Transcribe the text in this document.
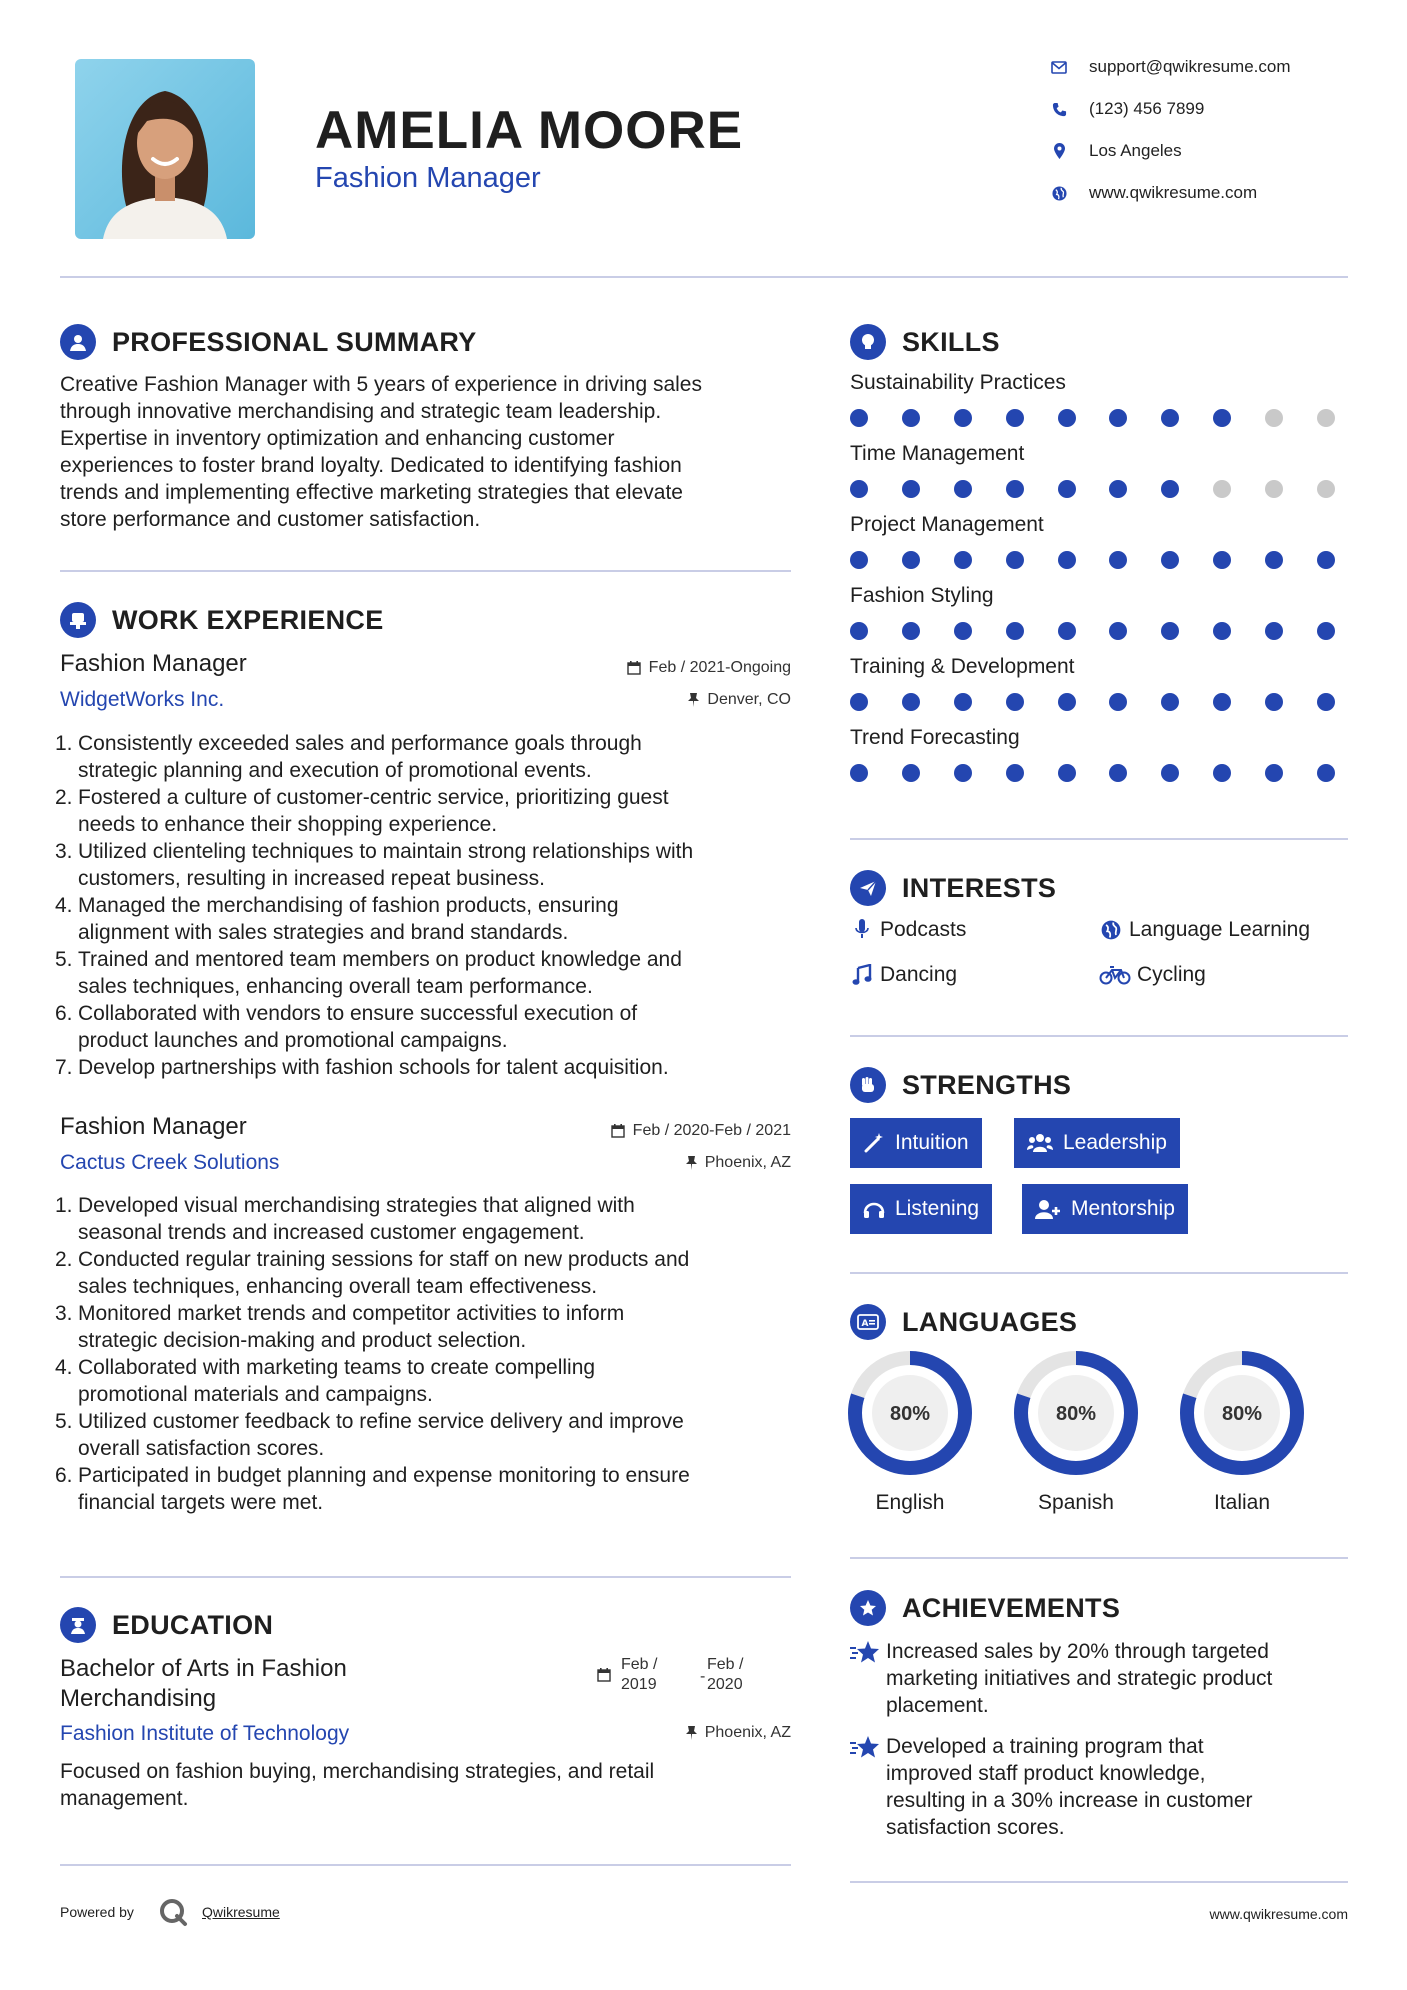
AMELIA MOORE
Fashion Manager
support@qwikresume.com
(123) 456 7899
Los Angeles
www.qwikresume.com
PROFESSIONAL SUMMARY
Creative Fashion Manager with 5 years of experience in driving sales
through innovative merchandising and strategic team leadership.
Expertise in inventory optimization and enhancing customer
experiences to foster brand loyalty. Dedicated to identifying fashion
trends and implementing effective marketing strategies that elevate
store performance and customer satisfaction.
WORK EXPERIENCE
Fashion Manager
WidgetWorks Inc.
Feb / 2021-Ongoing
Denver, CO
1. Consistently exceeded sales and performance goals through
strategic planning and execution of promotional events.
2. Fostered a culture of customer-centric service, prioritizing guest
needs to enhance their shopping experience.
3. Utilized clienteling techniques to maintain strong relationships with
customers, resulting in increased repeat business.
4. Managed the merchandising of fashion products, ensuring
alignment with sales strategies and brand standards.
5. Trained and mentored team members on product knowledge and
sales techniques, enhancing overall team performance.
6. Collaborated with vendors to ensure successful execution of
product launches and promotional campaigns.
7. Develop partnerships with fashion schools for talent acquisition.
Fashion Manager
Cactus Creek Solutions
Feb / 2020-Feb / 2021
Phoenix, AZ
1. Developed visual merchandising strategies that aligned with
seasonal trends and increased customer engagement.
2. Conducted regular training sessions for staff on new products and
sales techniques, enhancing overall team effectiveness.
3. Monitored market trends and competitor activities to inform
strategic decision-making and product selection.
4. Collaborated with marketing teams to create compelling
promotional materials and campaigns.
5. Utilized customer feedback to refine service delivery and improve
overall satisfaction scores.
6. Participated in budget planning and expense monitoring to ensure
financial targets were met.
EDUCATION
Bachelor of Arts in Fashion
Merchandising
Fashion Institute of Technology
Feb /
2019	-
Feb /
2020
Phoenix, AZ
Focused on fashion buying, merchandising strategies, and retail
management.
Powered by	Qwikresume	www.qwikresume.com
SKILLS
Sustainability Practices
Time Management
Project Management
Fashion Styling
Training & Development
Trend Forecasting
INTERESTS
Podcasts	Language Learning
Dancing	Cycling
STRENGTHS
Intuition	Leadership
Listening	Mentorship
A LANGUAGES
80%
English
80%
Spanish
80%
Italian
ACHIEVEMENTS
Increased sales by 20% through targeted
marketing initiatives and strategic product
placement.
Developed a training program that
improved staff product knowledge,
resulting in a 30% increase in customer
satisfaction scores.
